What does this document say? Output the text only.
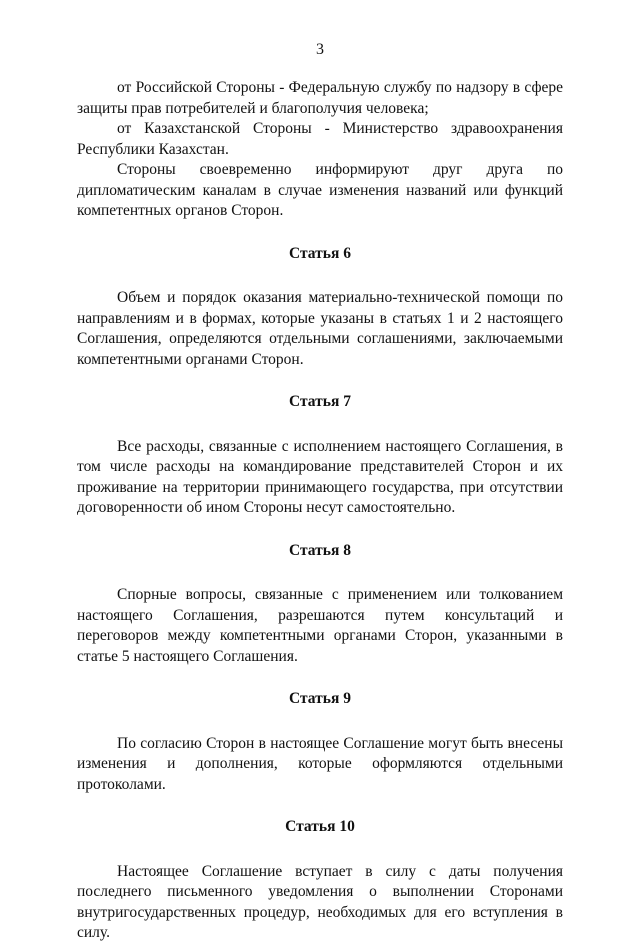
3

от Российской Стороны - Федеральную службу по надзору в сфере защиты прав потребителей и благополучия человека;

от Казахстанской Стороны - Министерство здравоохранения Республики Казахстан.

Стороны своевременно информируют друг друга по дипломатическим каналам в случае изменения названий или функций компетентных органов Сторон.

Статья 6

Объем и порядок оказания материально-технической помощи по направлениям и в формах, которые указаны в статьях 1 и 2 настоящего Соглашения, определяются отдельными соглашениями, заключаемыми компетентными органами Сторон.

Статья 7

Все расходы, связанные с исполнением настоящего Соглашения, в том числе расходы на командирование представителей Сторон и их проживание на территории принимающего государства, при отсутствии договоренности об ином Стороны несут самостоятельно.

Статья 8

Спорные вопросы, связанные с применением или толкованием настоящего Соглашения, разрешаются путем консультаций и переговоров между компетентными органами Сторон, указанными в статье 5 настоящего Соглашения.

Статья 9

По согласию Сторон в настоящее Соглашение могут быть внесены изменения и дополнения, которые оформляются отдельными протоколами.

Статья 10

Настоящее Соглашение вступает в силу с даты получения последнего письменного уведомления о выполнении Сторонами внутригосударственных процедур, необходимых для его вступления в силу.
